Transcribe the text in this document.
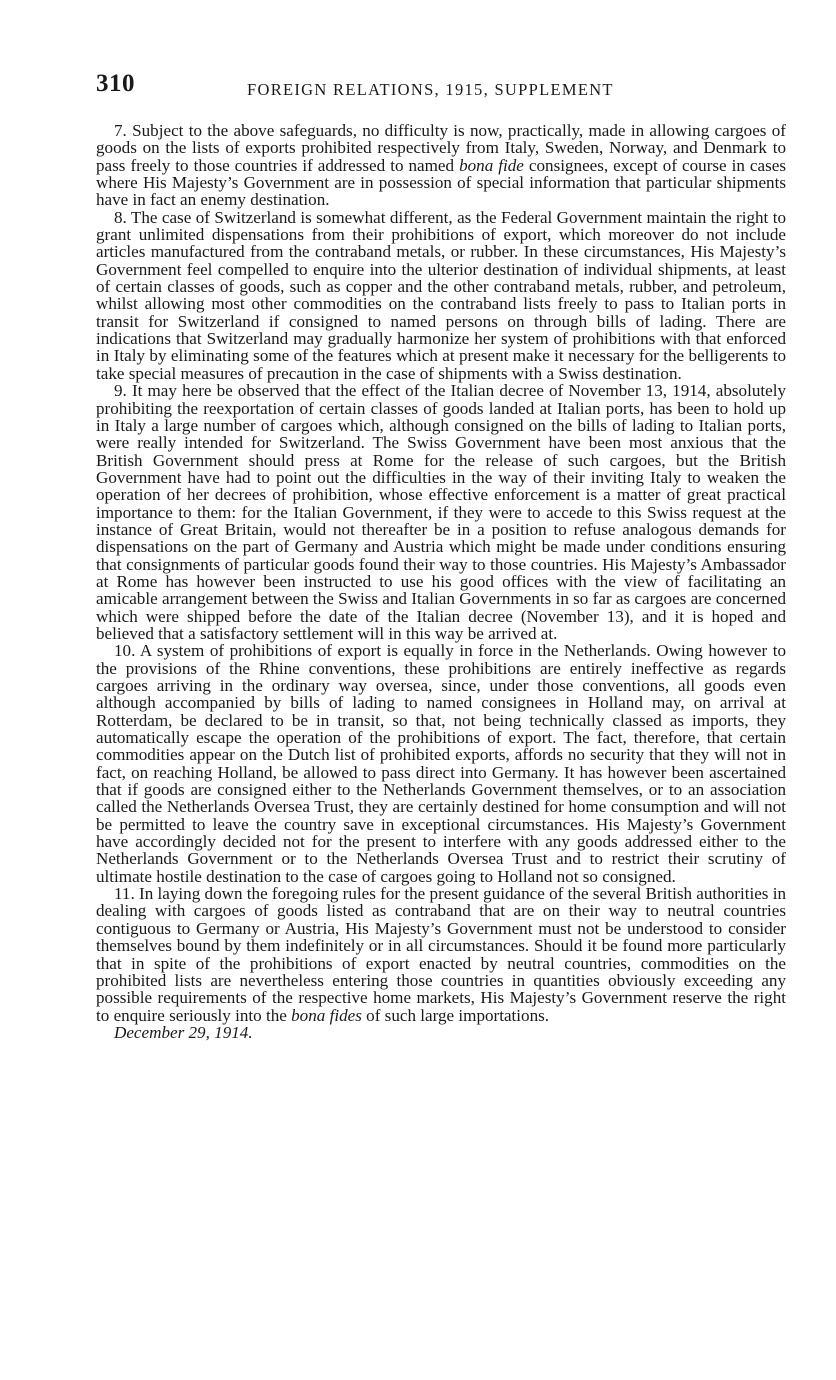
310	FOREIGN RELATIONS, 1915, SUPPLEMENT

7. Subject to the above safeguards, no difficulty is now, practically, made in allowing cargoes of goods on the lists of exports prohibited respectively from Italy, Sweden, Norway, and Denmark to pass freely to those countries if addressed to named bona fide consignees, except of course in cases where His Majesty’s Government are in possession of special information that particular shipments have in fact an enemy destination.

8. The case of Switzerland is somewhat different, as the Federal Government maintain the right to grant unlimited dispensations from their prohibitions of export, which moreover do not include articles manufactured from the contraband metals, or rubber. In these circumstances, His Majesty’s Government feel compelled to enquire into the ulterior destination of individual shipments, at least of certain classes of goods, such as copper and the other contraband metals, rubber, and petroleum, whilst allowing most other commodities on the contraband lists freely to pass to Italian ports in transit for Switzerland if consigned to named persons on through bills of lading. There are indications that Switzerland may gradually harmonize her system of prohibitions with that enforced in Italy by eliminating some of the features which at present make it necessary for the belligerents to take special measures of precaution in the case of shipments with a Swiss destination.

9. It may here be observed that the effect of the Italian decree of November 13, 1914, absolutely prohibiting the reexportation of certain classes of goods landed at Italian ports, has been to hold up in Italy a large number of cargoes which, although consigned on the bills of lading to Italian ports, were really intended for Switzerland. The Swiss Government have been most anxious that the British Government should press at Rome for the release of such cargoes, but the British Government have had to point out the difficulties in the way of their inviting Italy to weaken the operation of her decrees of prohibition, whose effective enforcement is a matter of great practical importance to them: for the Italian Government, if they were to accede to this Swiss request at the instance of Great Britain, would not thereafter be in a position to refuse analogous demands for dispensations on the part of Germany and Austria which might be made under conditions ensuring that consignments of particular goods found their way to those countries. His Majesty’s Ambassador at Rome has however been instructed to use his good offices with the view of facilitating an amicable arrangement between the Swiss and Italian Governments in so far as cargoes are concerned which were shipped before the date of the Italian decree (November 13), and it is hoped and believed that a satisfactory settlement will in this way be arrived at.

10. A system of prohibitions of export is equally in force in the Netherlands. Owing however to the provisions of the Rhine conventions, these prohibitions are entirely ineffective as regards cargoes arriving in the ordinary way oversea, since, under those conventions, all goods even although accompanied by bills of lading to named consignees in Holland may, on arrival at Rotterdam, be declared to be in transit, so that, not being technically classed as imports, they automatically escape the operation of the prohibitions of export. The fact, therefore, that certain commodities appear on the Dutch list of prohibited exports, affords no security that they will not in fact, on reaching Holland, be allowed to pass direct into Germany. It has however been ascertained that if goods are consigned either to the Netherlands Government themselves, or to an association called the Netherlands Oversea Trust, they are certainly destined for home consumption and will not be permitted to leave the country save in exceptional circumstances. His Majesty’s Government have accordingly decided not for the present to interfere with any goods addressed either to the Netherlands Government or to the Netherlands Oversea Trust and to restrict their scrutiny of ultimate hostile destination to the case of cargoes going to Holland not so consigned.

11. In laying down the foregoing rules for the present guidance of the several British authorities in dealing with cargoes of goods listed as contraband that are on their way to neutral countries contiguous to Germany or Austria, His Majesty’s Government must not be understood to consider themselves bound by them indefinitely or in all circumstances. Should it be found more particularly that in spite of the prohibitions of export enacted by neutral countries, commodities on the prohibited lists are nevertheless entering those countries in quantities obviously exceeding any possible requirements of the respective home markets, His Majesty’s Government reserve the right to enquire seriously into the bona fides of such large importations.

December 29, 1914.
